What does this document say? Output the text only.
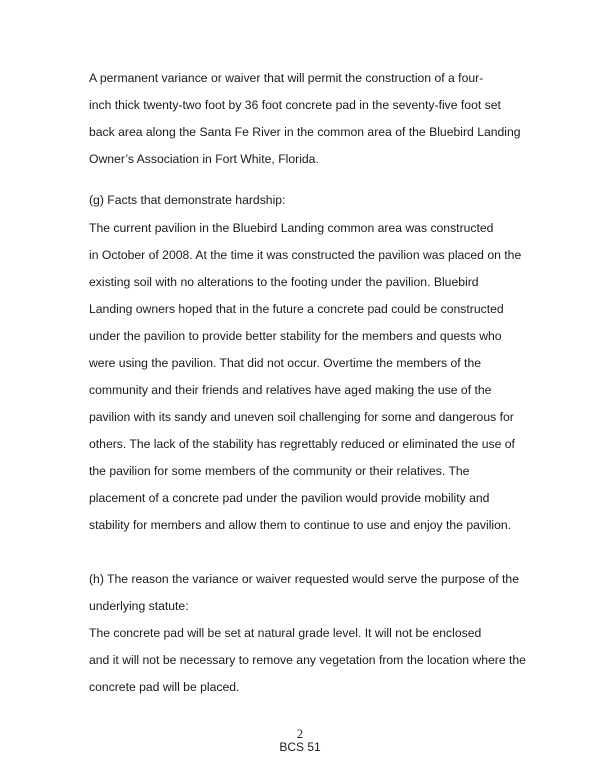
A permanent variance or waiver that will permit the construction of a four-
inch thick twenty-two foot by 36 foot concrete pad in the seventy-five foot set
back area along the Santa Fe River in the common area of the Bluebird Landing
Owner’s Association in Fort White, Florida.
(g) Facts that demonstrate hardship:
The current pavilion in the Bluebird Landing common area was constructed
in October of 2008. At the time it was constructed the pavilion was placed on the
existing soil with no alterations to the footing under the pavilion. Bluebird
Landing owners hoped that in the future a concrete pad could be constructed
under the pavilion to provide better stability for the members and quests who
were using the pavilion. That did not occur. Overtime the members of the
community and their friends and relatives have aged making the use of the
pavilion with its sandy and uneven soil challenging for some and dangerous for
others. The lack of the stability has regrettably reduced or eliminated the use of
the pavilion for some members of the community or their relatives. The
placement of a concrete pad under the pavilion would provide mobility and
stability for members and allow them to continue to use and enjoy the pavilion.
(h) The reason the variance or waiver requested would serve the purpose of the
underlying statute:
The concrete pad will be set at natural grade level. It will not be enclosed
and it will not be necessary to remove any vegetation from the location where the
concrete pad will be placed.
2
BCS 51
